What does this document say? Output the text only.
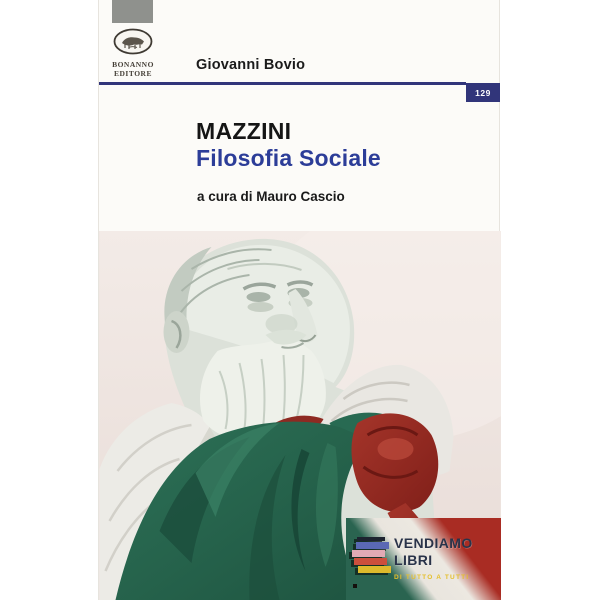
BONANNO
EDITORE	Giovanni Bovio
129
MAZZINI
Filosofia Sociale
a cura di Mauro Cascio
VENDIAMO
LIBRI
DI TUTTO A TUTTI
